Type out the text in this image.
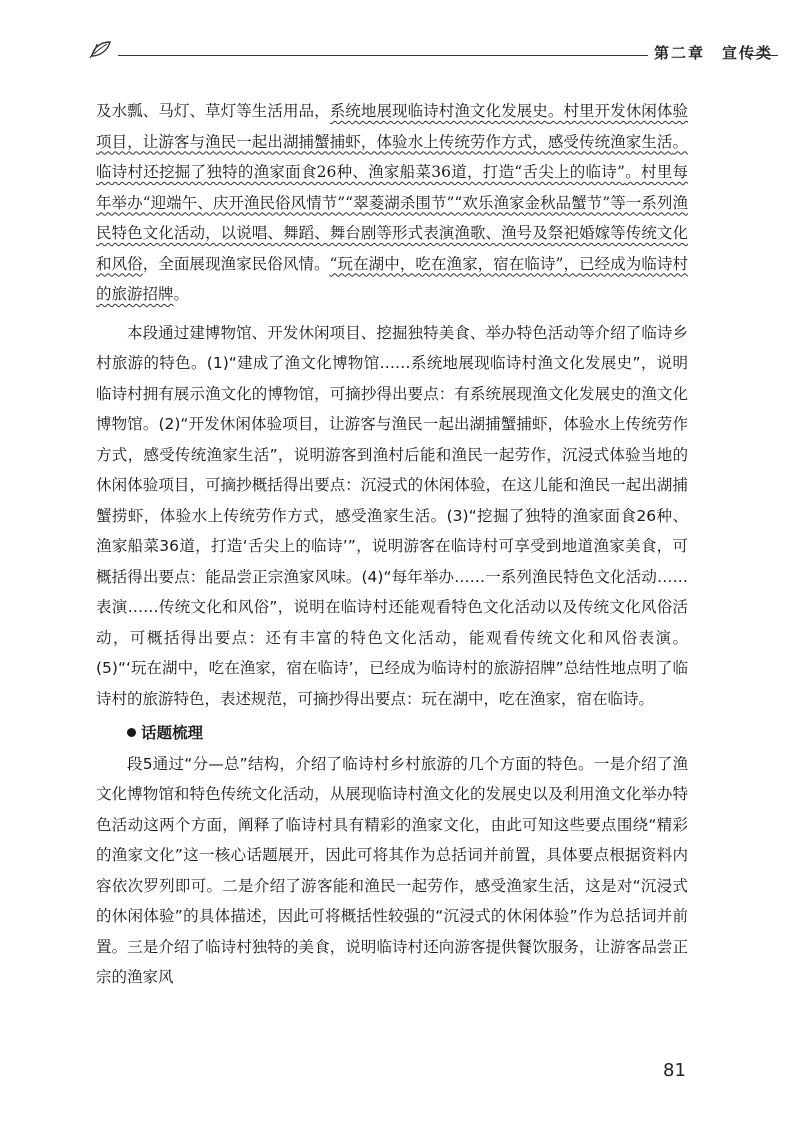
第二章　宣传类

及水瓢、马灯、草灯等生活用品，系统地展现临诗村渔文化发展史。村里开发休闲体验项目，让游客与渔民一起出湖捕蟹捕虾，体验水上传统劳作方式，感受传统渔家生活。临诗村还挖掘了独特的渔家面食26种、渔家船菜36道，打造“舌尖上的临诗”。村里每年举办“迎端午、庆开渔民俗风情节”“翠菱湖杀围节”“欢乐渔家金秋品蟹节”等一系列渔民特色文化活动，以说唱、舞蹈、舞台剧等形式表演渔歌、渔号及祭祀婚嫁等传统文化和风俗，全面展现渔家民俗风情。“玩在湖中，吃在渔家，宿在临诗”，已经成为临诗村的旅游招牌。

本段通过建博物馆、开发休闲项目、挖掘独特美食、举办特色活动等介绍了临诗乡村旅游的特色。(1)“建成了渔文化博物馆……系统地展现临诗村渔文化发展史”，说明临诗村拥有展示渔文化的博物馆，可摘抄得出要点：有系统展现渔文化发展史的渔文化博物馆。(2)“开发休闲体验项目，让游客与渔民一起出湖捕蟹捕虾，体验水上传统劳作方式，感受传统渔家生活”，说明游客到渔村后能和渔民一起劳作，沉浸式体验当地的休闲体验项目，可摘抄概括得出要点：沉浸式的休闲体验，在这儿能和渔民一起出湖捕蟹捞虾，体验水上传统劳作方式，感受渔家生活。(3)“挖掘了独特的渔家面食26种、渔家船菜36道，打造‘舌尖上的临诗’”，说明游客在临诗村可享受到地道渔家美食，可概括得出要点：能品尝正宗渔家风味。(4)“每年举办……一系列渔民特色文化活动……表演……传统文化和风俗”，说明在临诗村还能观看特色文化活动以及传统文化风俗活动，可概括得出要点：还有丰富的特色文化活动，能观看传统文化和风俗表演。(5)“‘玩在湖中，吃在渔家，宿在临诗’，已经成为临诗村的旅游招牌”总结性地点明了临诗村的旅游特色，表述规范，可摘抄得出要点：玩在湖中，吃在渔家，宿在临诗。

话题梳理

段5通过“分—总”结构，介绍了临诗村乡村旅游的几个方面的特色。一是介绍了渔文化博物馆和特色传统文化活动，从展现临诗村渔文化的发展史以及利用渔文化举办特色活动这两个方面，阐释了临诗村具有精彩的渔家文化，由此可知这些要点围绕“精彩的渔家文化”这一核心话题展开，因此可将其作为总括词并前置，具体要点根据资料内容依次罗列即可。二是介绍了游客能和渔民一起劳作，感受渔家生活，这是对“沉浸式的休闲体验”的具体描述，因此可将概括性较强的“沉浸式的休闲体验”作为总括词并前置。三是介绍了临诗村独特的美食，说明临诗村还向游客提供餐饮服务，让游客品尝正宗的渔家风

81
